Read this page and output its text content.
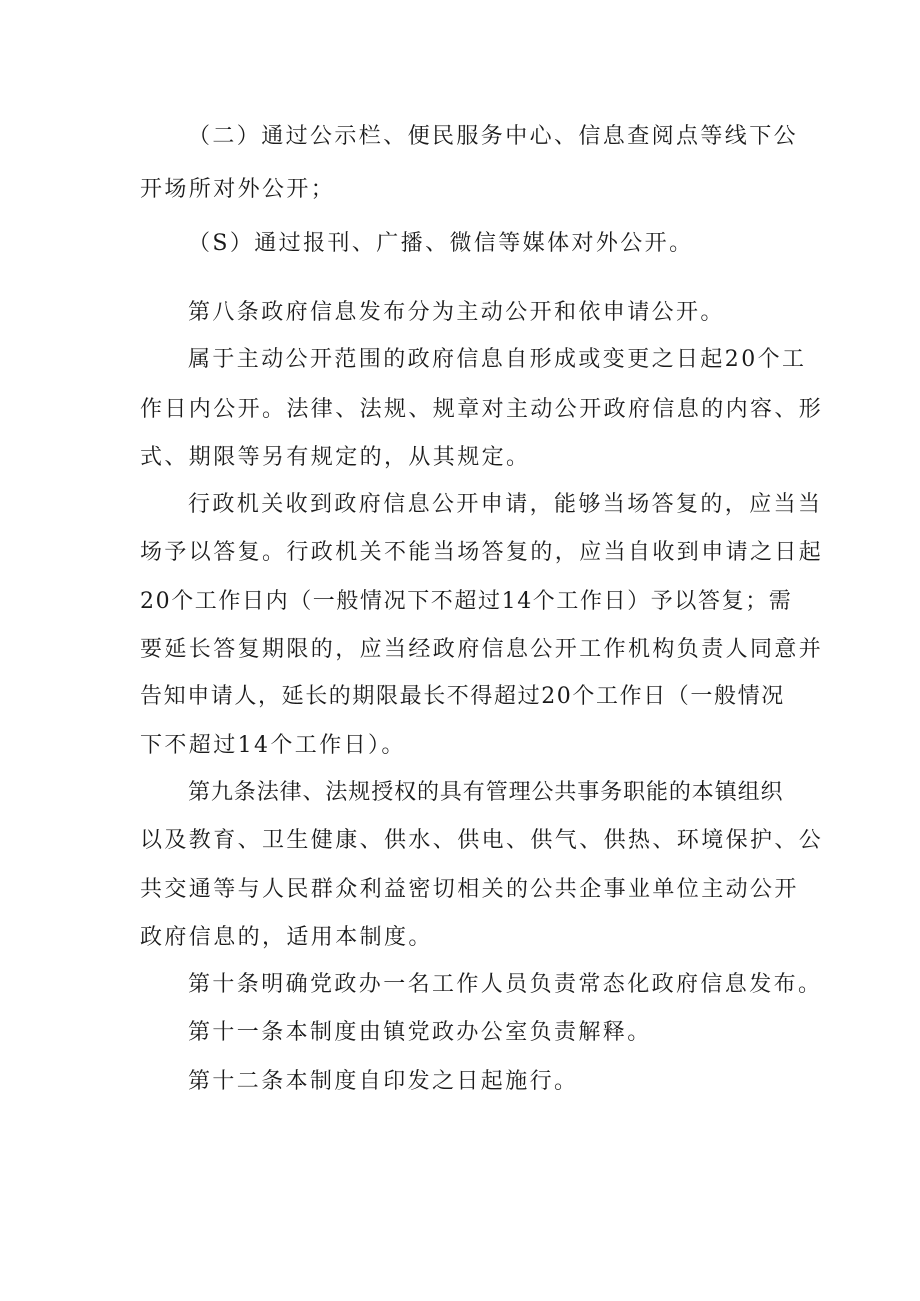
（二）通过公示栏、便民服务中心、信息查阅点等线下公
开场所对外公开；
（S）通过报刊、广播、微信等媒体对外公开。
第八条政府信息发布分为主动公开和依申请公开。
属于主动公开范围的政府信息自形成或变更之日起20个工
作日内公开。法律、法规、规章对主动公开政府信息的内容、形
式、期限等另有规定的，从其规定。
行政机关收到政府信息公开申请，能够当场答复的，应当当
场予以答复。行政机关不能当场答复的，应当自收到申请之日起
20个工作日内（一般情况下不超过14个工作日）予以答复；需
要延长答复期限的，应当经政府信息公开工作机构负责人同意并
告知申请人，延长的期限最长不得超过20个工作日（一般情况
下不超过14个工作日）。
第九条法律、法规授权的具有管理公共事务职能的本镇组织
以及教育、卫生健康、供水、供电、供气、供热、环境保护、公
共交通等与人民群众利益密切相关的公共企事业单位主动公开
政府信息的，适用本制度。
第十条明确党政办一名工作人员负责常态化政府信息发布。
第十一条本制度由镇党政办公室负责解释。
第十二条本制度自印发之日起施行。
